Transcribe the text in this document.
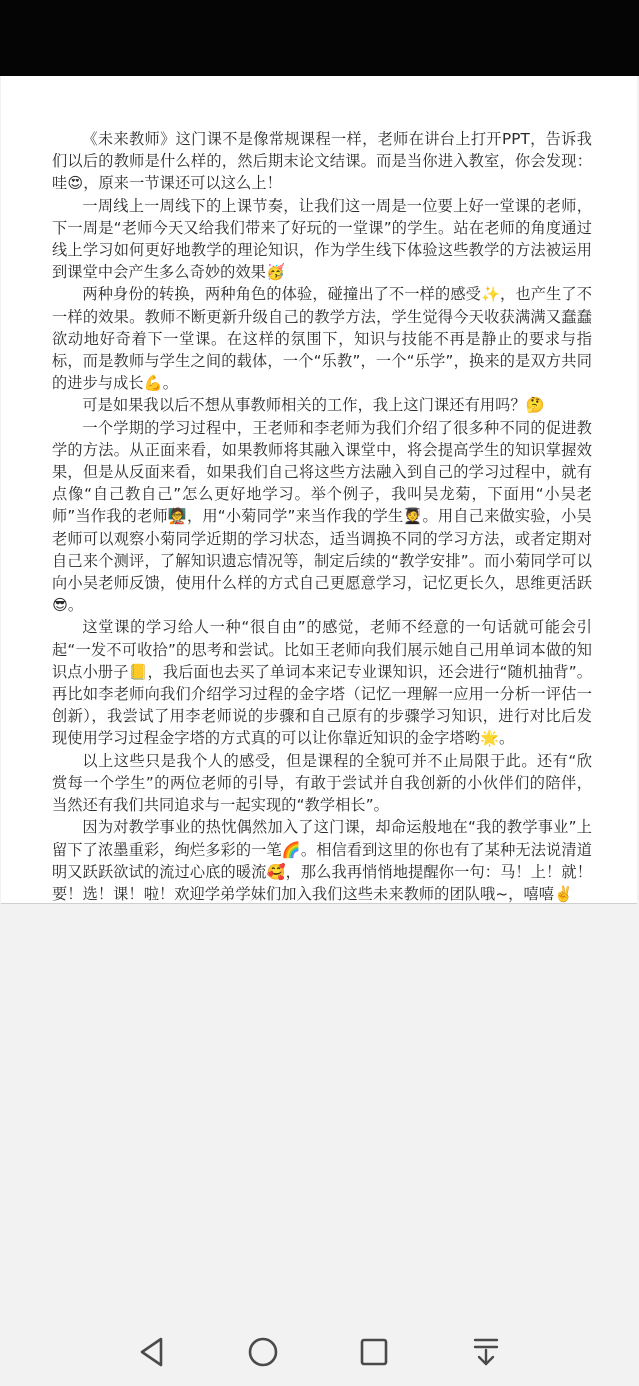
《未来教师》这门课不是像常规课程一样，老师在讲台上打开PPT，告诉我们以后的教师是什么样的，然后期末论文结课。而是当你进入教室，你会发现：哇😍，原来一节课还可以这么上！

一周线上一周线下的上课节奏，让我们这一周是一位要上好一堂课的老师，下一周是“老师今天又给我们带来了好玩的一堂课”的学生。站在老师的角度通过线上学习如何更好地教学的理论知识，作为学生线下体验这些教学的方法被运用到课堂中会产生多么奇妙的效果🥳

两种身份的转换，两种角色的体验，碰撞出了不一样的感受✨，也产生了不一样的效果。教师不断更新升级自己的教学方法，学生觉得今天收获满满又蠢蠢欲动地好奇着下一堂课。在这样的氛围下，知识与技能不再是静止的要求与指标，而是教师与学生之间的载体，一个“乐教”，一个“乐学”，换来的是双方共同的进步与成长💪。

可是如果我以后不想从事教师相关的工作，我上这门课还有用吗？🤔

一个学期的学习过程中，王老师和李老师为我们介绍了很多种不同的促进教学的方法。从正面来看，如果教师将其融入课堂中，将会提高学生的知识掌握效果，但是从反面来看，如果我们自己将这些方法融入到自己的学习过程中，就有点像“自己教自己”怎么更好地学习。举个例子，我叫吴龙菊，下面用“小吴老师”当作我的老师🧑‍🏫，用“小菊同学”来当作我的学生🧑‍🎓。用自己来做实验，小吴老师可以观察小菊同学近期的学习状态，适当调换不同的学习方法，或者定期对自己来个测评，了解知识遗忘情况等，制定后续的“教学安排”。而小菊同学可以向小吴老师反馈，使用什么样的方式自己更愿意学习，记忆更长久，思维更活跃😎。

这堂课的学习给人一种“很自由”的感觉，老师不经意的一句话就可能会引起“一发不可收拾”的思考和尝试。比如王老师向我们展示她自己用单词本做的知识点小册子📒，我后面也去买了单词本来记专业课知识，还会进行“随机抽背”。再比如李老师向我们介绍学习过程的金字塔（记忆一理解一应用一分析一评估一创新），我尝试了用李老师说的步骤和自己原有的步骤学习知识，进行对比后发现使用学习过程金字塔的方式真的可以让你靠近知识的金字塔哟🌟。

以上这些只是我个人的感受，但是课程的全貌可并不止局限于此。还有“欣赏每一个学生”的两位老师的引导，有敢于尝试并自我创新的小伙伴们的陪伴，当然还有我们共同追求与一起实现的“教学相长”。

因为对教学事业的热忱偶然加入了这门课，却命运般地在“我的教学事业”上留下了浓墨重彩，绚烂多彩的一笔🌈。相信看到这里的你也有了某种无法说清道明又跃跃欲试的流过心底的暖流🥰，那么我再悄悄地提醒你一句：马！上！就！要！选！课！啦！欢迎学弟学妹们加入我们这些未来教师的团队哦~，嘻嘻✌️
